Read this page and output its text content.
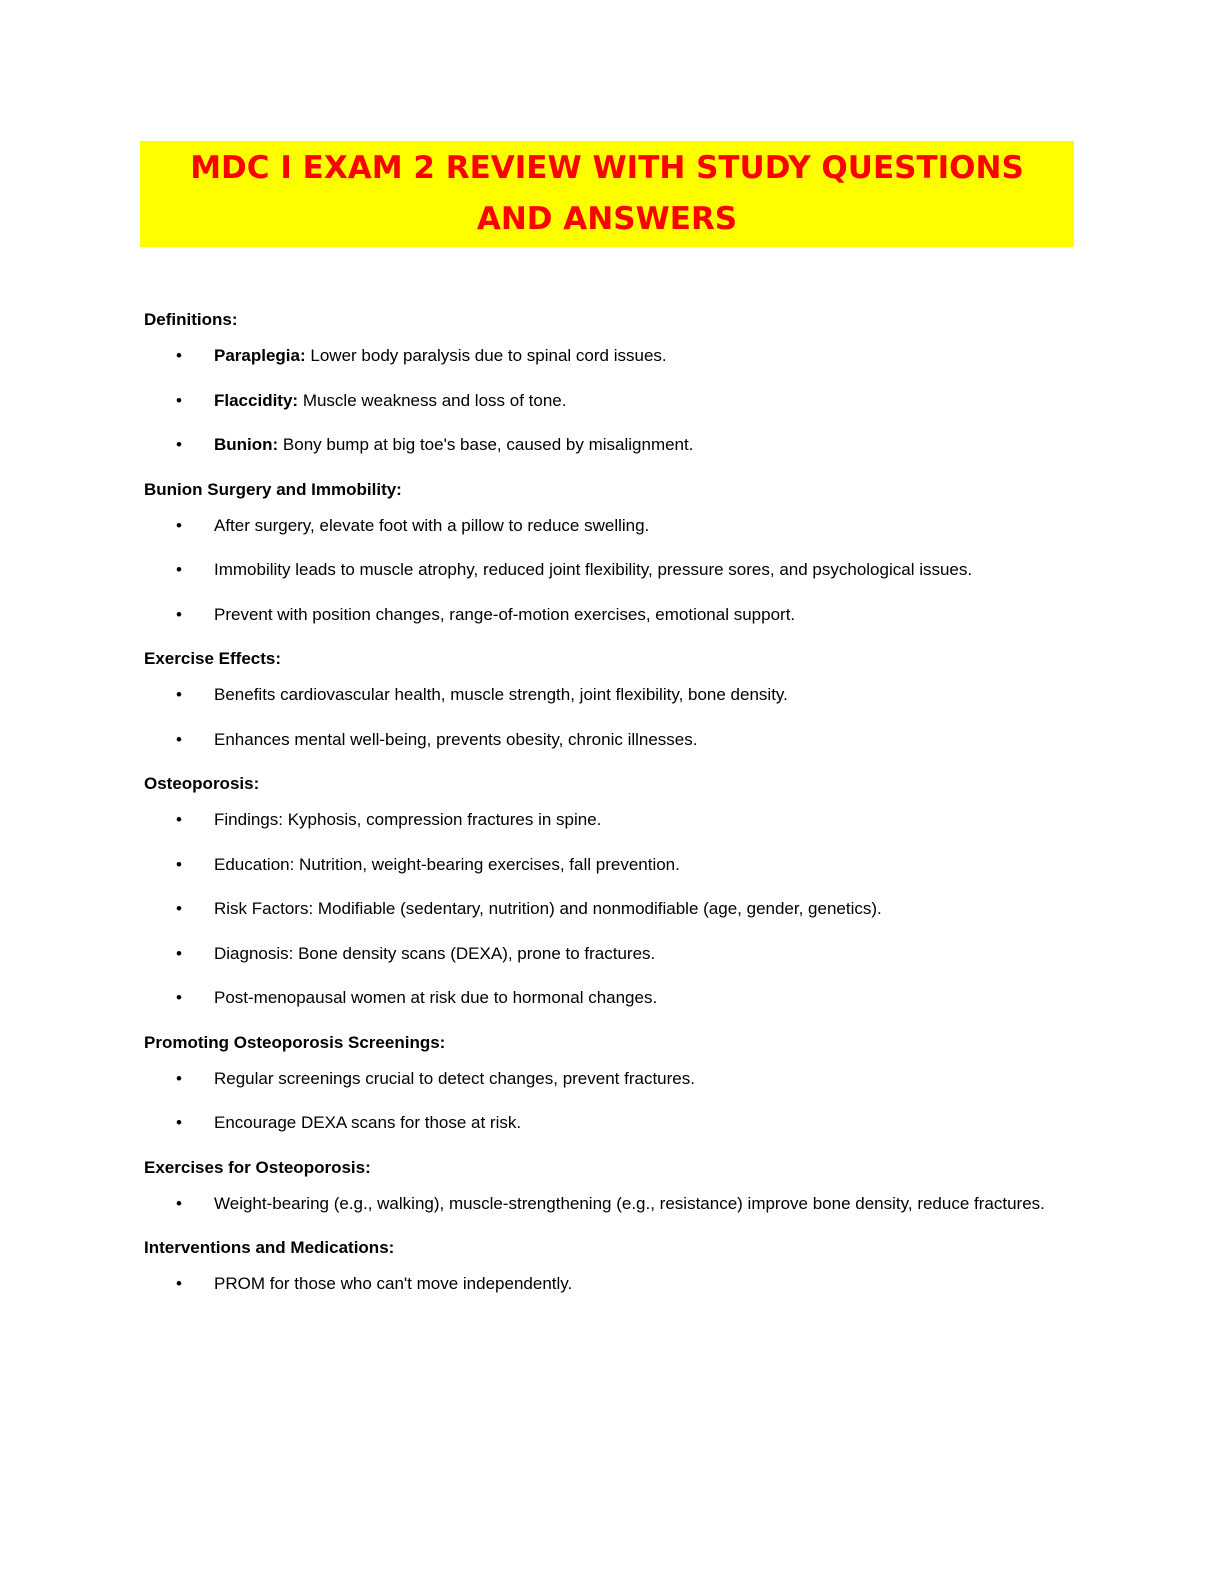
MDC I EXAM 2 REVIEW WITH STUDY QUESTIONS AND ANSWERS

Definitions:

• Paraplegia: Lower body paralysis due to spinal cord issues.
• Flaccidity: Muscle weakness and loss of tone.
• Bunion: Bony bump at big toe's base, caused by misalignment.

Bunion Surgery and Immobility:

• After surgery, elevate foot with a pillow to reduce swelling.
• Immobility leads to muscle atrophy, reduced joint flexibility, pressure sores, and psychological issues.
• Prevent with position changes, range-of-motion exercises, emotional support.

Exercise Effects:

• Benefits cardiovascular health, muscle strength, joint flexibility, bone density.
• Enhances mental well-being, prevents obesity, chronic illnesses.

Osteoporosis:

• Findings: Kyphosis, compression fractures in spine.
• Education: Nutrition, weight-bearing exercises, fall prevention.
• Risk Factors: Modifiable (sedentary, nutrition) and nonmodifiable (age, gender, genetics).
• Diagnosis: Bone density scans (DEXA), prone to fractures.
• Post-menopausal women at risk due to hormonal changes.

Promoting Osteoporosis Screenings:

• Regular screenings crucial to detect changes, prevent fractures.
• Encourage DEXA scans for those at risk.

Exercises for Osteoporosis:

• Weight-bearing (e.g., walking), muscle-strengthening (e.g., resistance) improve bone density, reduce fractures.

Interventions and Medications:

• PROM for those who can't move independently.
